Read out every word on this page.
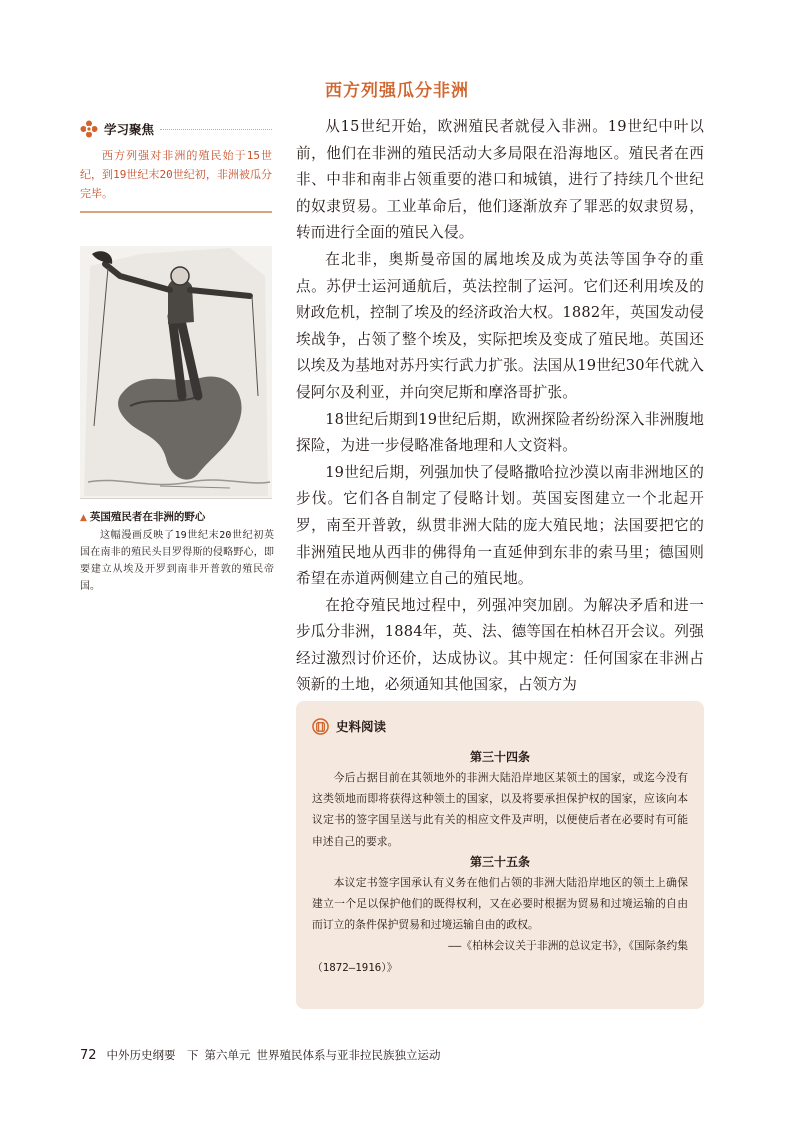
西方列强瓜分非洲
学习聚焦
西方列强对非洲的殖民始于15世纪，到19世纪末20世纪初，非洲被瓜分完毕。
▲ 英国殖民者在非洲的野心
这幅漫画反映了19世纪末20世纪初英国在南非的殖民头目罗得斯的侵略野心，即要建立从埃及开罗到南非开普敦的殖民帝国。

从15世纪开始，欧洲殖民者就侵入非洲。19世纪中叶以前，他们在非洲的殖民活动大多局限在沿海地区。殖民者在西非、中非和南非占领重要的港口和城镇，进行了持续几个世纪的奴隶贸易。工业革命后，他们逐渐放弃了罪恶的奴隶贸易，转而进行全面的殖民入侵。

在北非，奥斯曼帝国的属地埃及成为英法等国争夺的重点。苏伊士运河通航后，英法控制了运河。它们还利用埃及的财政危机，控制了埃及的经济政治大权。1882年，英国发动侵埃战争，占领了整个埃及，实际把埃及变成了殖民地。英国还以埃及为基地对苏丹实行武力扩张。法国从19世纪30年代就入侵阿尔及利亚，并向突尼斯和摩洛哥扩张。

18世纪后期到19世纪后期，欧洲探险者纷纷深入非洲腹地探险，为进一步侵略准备地理和人文资料。

19世纪后期，列强加快了侵略撒哈拉沙漠以南非洲地区的步伐。它们各自制定了侵略计划。英国妄图建立一个北起开罗，南至开普敦，纵贯非洲大陆的庞大殖民地；法国要把它的非洲殖民地从西非的佛得角一直延伸到东非的索马里；德国则希望在赤道两侧建立自己的殖民地。

在抢夺殖民地过程中，列强冲突加剧。为解决矛盾和进一步瓜分非洲，1884年，英、法、德等国在柏林召开会议。列强经过激烈讨价还价，达成协议。其中规定：任何国家在非洲占领新的土地，必须通知其他国家，占领方为

史料阅读
第三十四条

今后占据目前在其领地外的非洲大陆沿岸地区某领土的国家，或迄今没有这类领地而即将获得这种领土的国家，以及将要承担保护权的国家，应该向本议定书的签字国呈送与此有关的相应文件及声明，以便使后者在必要时有可能申述自己的要求。

第三十五条

本议定书签字国承认有义务在他们占领的非洲大陆沿岸地区的领土上确保建立一个足以保护他们的既得权利，又在必要时根据为贸易和过境运输的自由而订立的条件保护贸易和过境运输自由的政权。

——《柏林会议关于非洲的总议定书》，《国际条约集
（1872—1916）》
72 中外历史纲要　下 第六单元 世界殖民体系与亚非拉民族独立运动
